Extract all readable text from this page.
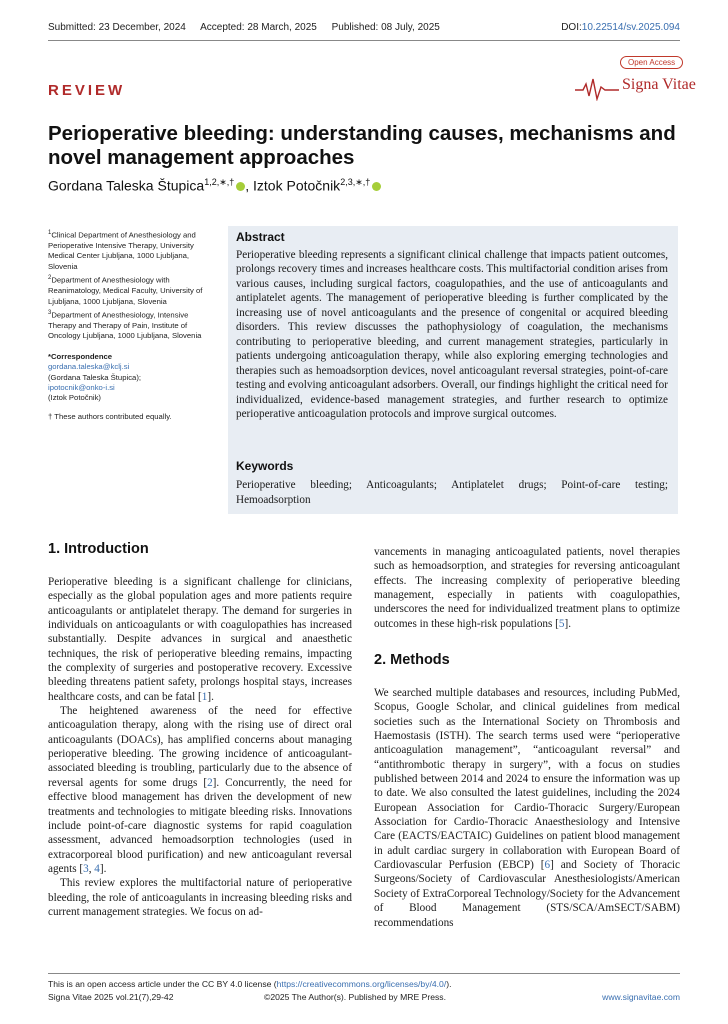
Submitted: 23 December, 2024 Accepted: 28 March, 2025 Published: 08 July, 2025	DOI:10.22514/sv.2025.094
REVIEW
Open Access
Signa Vitae
Perioperative bleeding: understanding causes, mechanisms and novel management approaches
Gordana Taleska Štupica$^{1,2,∗,\dagger}$ , Iztok Potočnik$^{2,3,∗,\dagger}$

$^1$Clinical Department of Anesthesiology and Perioperative Intensive Therapy, University Medical Center Ljubljana, 1000 Ljubljana, Slovenia

$^2$Department of Anesthesiology with Reanimatology, Medical Faculty, University of Ljubljana, 1000 Ljubljana, Slovenia

$^3$Department of Anesthesiology, Intensive Therapy and Therapy of Pain, Institute of Oncology Ljubljana, 1000 Ljubljana, Slovenia

*Correspondence
gordana.taleska@kclj.si
(Gordana Taleska Štupica);
ipotocnik@onko-i.si
(Iztok Potočnik)

† These authors contributed equally.

Abstract

Perioperative bleeding represents a significant clinical challenge that impacts patient outcomes, prolongs recovery times and increases healthcare costs. This multifactorial condition arises from various causes, including surgical factors, coagulopathies, and the use of anticoagulants and antiplatelet agents. The management of perioperative bleeding is further complicated by the increasing use of novel anticoagulants and the presence of congenital or acquired bleeding disorders. This review discusses the pathophysiology of coagulation, the mechanisms contributing to perioperative bleeding, and current management strategies, particularly in patients undergoing anticoagulation therapy, while also exploring emerging technologies and therapies such as hemoadsorption devices, novel anticoagulant reversal strategies, point-of-care testing and evolving anticoagulant adsorbers. Overall, our findings highlight the critical need for individualized, evidence-based management strategies, and further research to optimize perioperative anticoagulation protocols and improve surgical outcomes.

Keywords

Perioperative bleeding; Anticoagulants; Antiplatelet drugs; Point-of-care testing; Hemoadsorption

1. Introduction

Perioperative bleeding is a significant challenge for clinicians, especially as the global population ages and more patients require anticoagulants or antiplatelet therapy. The demand for surgeries in individuals on anticoagulants or with coagulopathies has increased substantially. Despite advances in surgical and anaesthetic techniques, the risk of perioperative bleeding remains, impacting the complexity of surgeries and postoperative recovery. Excessive bleeding threatens patient safety, prolongs hospital stays, increases healthcare costs, and can be fatal [1].

The heightened awareness of the need for effective anticoagulation therapy, along with the rising use of direct oral anticoagulants (DOACs), has amplified concerns about managing perioperative bleeding. The growing incidence of anticoagulant-associated bleeding is troubling, particularly due to the absence of reversal agents for some drugs [2]. Concurrently, the need for effective blood management has driven the development of new treatments and technologies to mitigate bleeding risks. Innovations include point-of-care diagnostic systems for rapid coagulation assessment, advanced hemoadsorption technologies (used in extracorporeal blood purification) and new anticoagulant reversal agents [3, 4].

This review explores the multifactorial nature of perioperative bleeding, the role of anticoagulants in increasing bleeding risks and current management strategies. We focus on ad-

vancements in managing anticoagulated patients, novel therapies such as hemoadsorption, and strategies for reversing anticoagulant effects. The increasing complexity of perioperative bleeding management, especially in patients with coagulopathies, underscores the need for individualized treatment plans to optimize outcomes in these high-risk populations [5].

2. Methods

We searched multiple databases and resources, including PubMed, Scopus, Google Scholar, and clinical guidelines from medical societies such as the International Society on Thrombosis and Haemostasis (ISTH). The search terms used were “perioperative anticoagulation management”, “anticoagulant reversal” and “antithrombotic therapy in surgery”, with a focus on studies published between 2014 and 2024 to ensure the information was up to date. We also consulted the latest guidelines, including the 2024 European Association for Cardio-Thoracic Surgery/European Association for Cardio-Thoracic Anaesthesiology and Intensive Care (EACTS/EACTAIC) Guidelines on patient blood management in adult cardiac surgery in collaboration with European Board of Cardiovascular Perfusion (EBCP) [6] and Society of Thoracic Surgeons/Society of Cardiovascular Anesthesiologists/American Society of ExtraCorporeal Technology/Society for the Advancement of Blood Management (STS/SCA/AmSECT/SABM) recommendations

This is an open access article under the CC BY 4.0 license (https://creativecommons.org/licenses/by/4.0/).
Signa Vitae 2025 vol.21(7),29-42	©2025 The Author(s). Published by MRE Press.	www.signavitae.com
